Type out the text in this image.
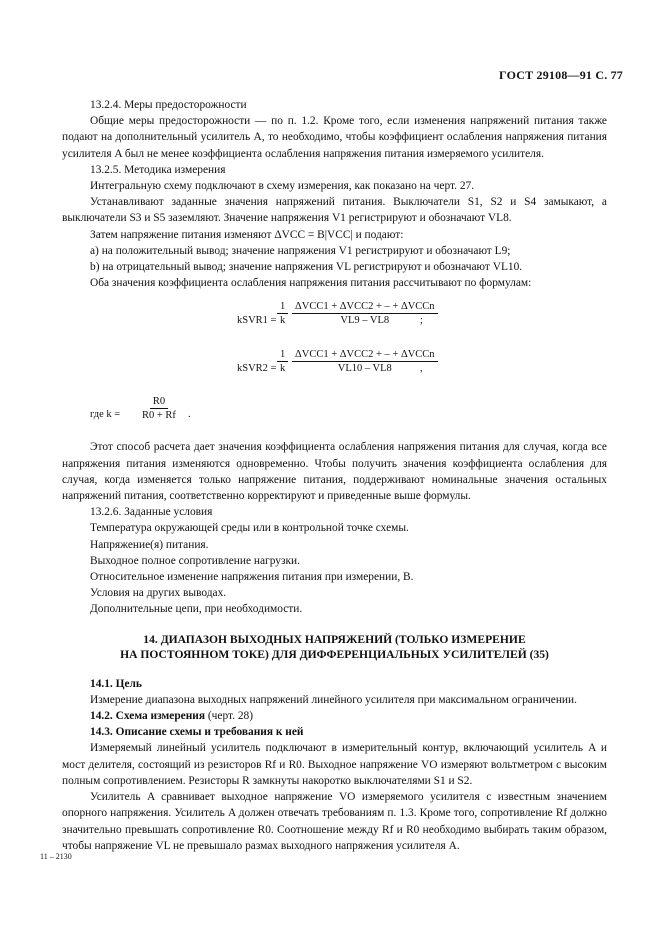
ГОСТ 29108—91 С. 77

13.2.4. Меры предосторожности

Общие меры предосторожности — по п. 1.2. Кроме того, если изменения напряжений питания также подают на дополнительный усилитель A, то необходимо, чтобы коэффициент ослабления напряжения питания усилителя A был не менее коэффициента ослабления напряжения питания измеряемого усилителя.

13.2.5. Методика измерения

Интегральную схему подключают в схему измерения, как показано на черт. 27.

Устанавливают заданные значения напряжений питания. Выключатели S1, S2 и S4 замыкают, а выключатели S3 и S5 заземляют. Значение напряжения V1 регистрируют и обозначают VL8.

Затем напряжение питания изменяют ΔVCC = B|VCC| и подают:

а) на положительный вывод; значение напряжения V1 регистрируют и обозначают L9;

b) на отрицательный вывод; значение напряжения VL регистрируют и обозначают VL10.

Оба значения коэффициента ослабления напряжения питания рассчитывают по формулам:

kSVR1 = $\frac{1}{k} \Delta VCC1 + \Delta VCC2$ + – + ΔVCCn
VL9 – VL8	;
kSVR2 = $\frac{1}{k} \Delta VCC1 + \Delta VCC2$ + – + ΔVCCn
VL10 – VL8	,
где $k = \frac{R0}{R0 + Rf}$ .

Этот способ расчета дает значения коэффициента ослабления напряжения питания для случая, когда все напряжения питания изменяются одновременно. Чтобы получить значения коэффициента ослабления для случая, когда изменяется только напряжение питания, поддерживают номинальные значения остальных напряжений питания, соответственно корректируют и приведенные выше формулы.

13.2.6. Заданные условия

Температура окружающей среды или в контрольной точке схемы.

Напряжение(я) питания.

Выходное полное сопротивление нагрузки.

Относительное изменение напряжения питания при измерении, В.

Условия на других выводах.

Дополнительные цепи, при необходимости.

14. ДИАПАЗОН ВЫХОДНЫХ НАПРЯЖЕНИЙ (ТОЛЬКО ИЗМЕРЕНИЕ
НА ПОСТОЯННОМ ТОКЕ) ДЛЯ ДИФФЕРЕНЦИАЛЬНЫХ УСИЛИТЕЛЕЙ (35)

14.1. Цель

Измерение диапазона выходных напряжений линейного усилителя при максимальном ограничении.

14.2. Схема измерения (черт. 28)

14.3. Описание схемы и требования к ней

Измеряемый линейный усилитель подключают в измерительный контур, включающий усилитель A и мост делителя, состоящий из резисторов Rf и R0. Выходное напряжение VO измеряют вольтметром с высоким полным сопротивлением. Резисторы R замкнуты накоротко выключателями S1 и S2.

Усилитель A сравнивает выходное напряжение VO измеряемого усилителя с известным значением опорного напряжения. Усилитель A должен отвечать требованиям п. 1.3. Кроме того, сопротивление Rf должно значительно превышать сопротивление R0. Соотношение между Rf и R0 необходимо выбирать таким образом, чтобы напряжение VL не превышало размах выходного напряжения усилителя A.

11 – 2130
